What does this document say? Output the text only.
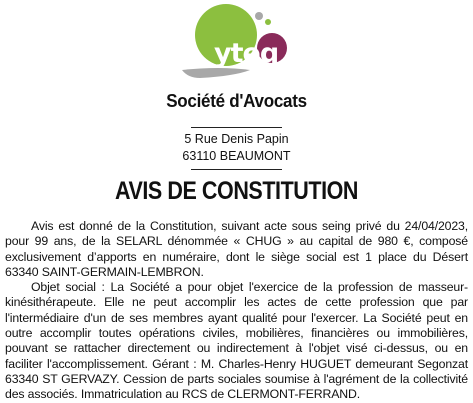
yteq
Société d'Avocats
5 Rue Denis Papin
63110 BEAUMONT
AVIS DE CONSTITUTION

Avis est donné de la Constitution, suivant acte sous seing privé du 24/04/2023, pour 99 ans, de la SELARL dénommée « CHUG » au capital de 980 €, composé exclusivement d’apports en numéraire, dont le siège social est 1 place du Désert 63340 SAINT-GERMAIN-LEMBRON.

Objet social : La Société a pour objet l'exercice de la profession de masseur-kinésithérapeute. Elle ne peut accomplir les actes de cette profession que par l'intermédiaire d'un de ses membres ayant qualité pour l'exercer. La Société peut en outre accomplir toutes opérations civiles, mobilières, financières ou immobilières, pouvant se rattacher directement ou indirectement à l'objet visé ci-dessus, ou en faciliter l'accomplissement. Gérant : M. Charles-Henry HUGUET demeurant Segonzat 63340 ST GERVAZY. Cession de parts sociales soumise à l'agrément de la collectivité des associés. Immatriculation au RCS de CLERMONT-FERRAND.
